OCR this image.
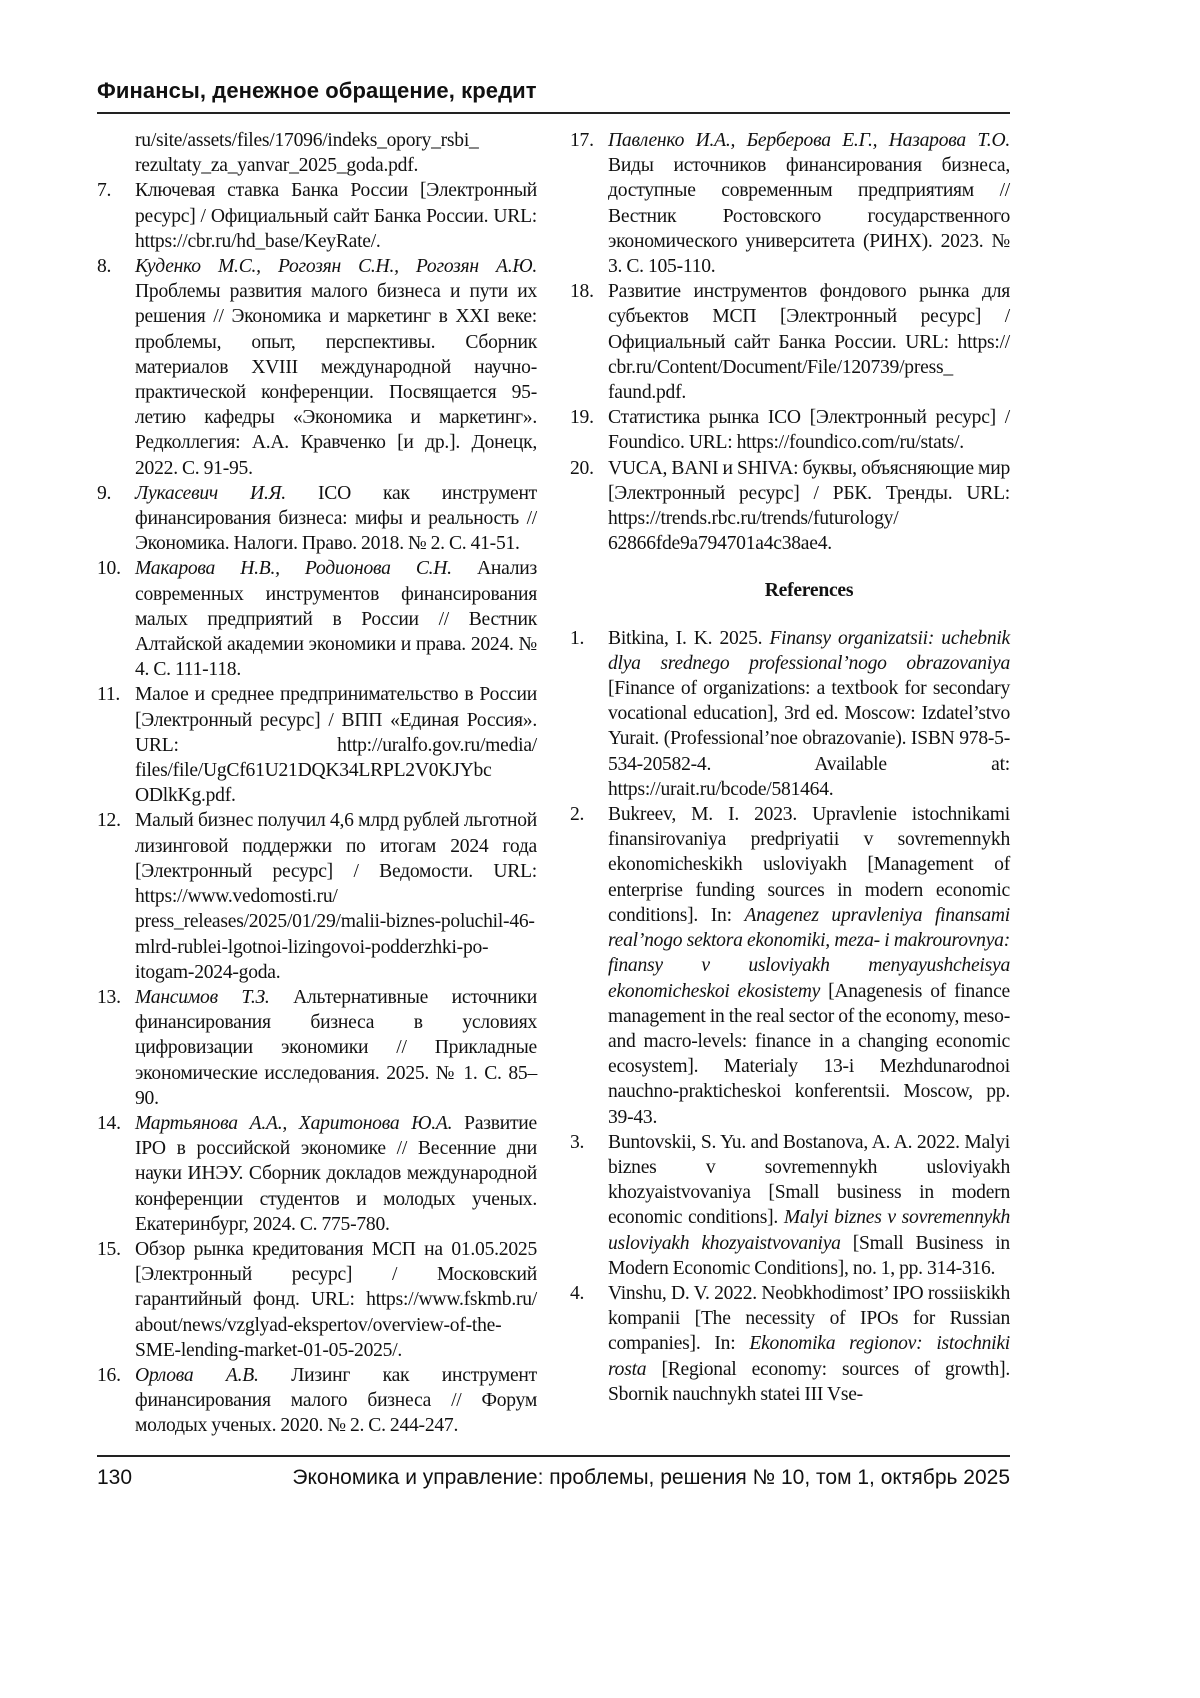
Финансы, денежное обращение, кредит
ru/site/assets/files/17096/indeks_opory_rsbi_ rezultaty_za_yanvar_2025_goda.pdf.
7. Ключевая ставка Банка России [Электронный ресурс] / Официальный сайт Банка России. URL: https://cbr.ru/hd_base/KeyRate/.
8. Куденко М.С., Рогозян С.Н., Рогозян А.Ю. Проблемы развития малого бизнеса и пути их решения // Экономика и маркетинг в XXI веке: проблемы, опыт, перспективы. Сборник материалов XVIII международной научно-практической конференции. Посвящается 95-летию кафедры «Экономика и маркетинг». Редколлегия: А.А. Кравченко [и др.]. Донецк, 2022. С. 91-95.
9. Лукасевич И.Я. ICO как инструмент финансирования бизнеса: мифы и реальность // Экономика. Налоги. Право. 2018. № 2. С. 41-51.
10. Макарова Н.В., Родионова С.Н. Анализ современных инструментов финансирования малых предприятий в России // Вестник Алтайской академии экономики и права. 2024. № 4. С. 111-118.
11. Малое и среднее предпринимательство в России [Электронный ресурс] / ВПП «Единая Россия». URL: http://uralfo.gov.ru/media/ files/file/UgCf61U21DQK34LRPL2V0KJYbc ODlkKg.pdf.
12. Малый бизнес получил 4,6 млрд рублей льготной лизинговой поддержки по итогам 2024 года [Электронный ресурс] / Ведомости. URL: https://www.vedomosti.ru/ press_releases/2025/01/29/malii-biznes-poluchil-46-mlrd-rublei-lgotnoi-lizingovoi-podderzhki-po-itogam-2024-goda.
13. Мансимов Т.З. Альтернативные источники финансирования бизнеса в условиях цифровизации экономики // Прикладные экономические исследования. 2025. № 1. С. 85–90.
14. Мартьянова А.А., Харитонова Ю.А. Развитие IPO в российской экономике // Весенние дни науки ИНЭУ. Сборник докладов международной конференции студентов и молодых ученых. Екатеринбург, 2024. С. 775-780.
15. Обзор рынка кредитования МСП на 01.05.2025 [Электронный ресурс] / Московский гарантийный фонд. URL: https://www.fskmb.ru/ about/news/vzglyad-ekspertov/overview-of-the-SME-lending-market-01-05-2025/.
16. Орлова А.В. Лизинг как инструмент финансирования малого бизнеса // Форум молодых ученых. 2020. № 2. С. 244-247.
17. Павленко И.А., Берберова Е.Г., Назарова Т.О. Виды источников финансирования бизнеса, доступные современным предприятиям // Вестник Ростовского государственного экономического университета (РИНХ). 2023. № 3. С. 105-110.
18. Развитие инструментов фондового рынка для субъектов МСП [Электронный ресурс] / Официальный сайт Банка России. URL: https:// cbr.ru/Content/Document/File/120739/press_ faund.pdf.
19. Статистика рынка ICO [Электронный ресурс] / Foundico. URL: https://foundico.com/ru/stats/.
20. VUCA, BANI и SHIVA: буквы, объясняющие мир [Электронный ресурс] / РБК. Тренды. URL: https://trends.rbc.ru/trends/futurology/ 62866fde9a794701a4c38ae4.
References
1. Bitkina, I. K. 2025. Finansy organizatsii: uchebnik dlya srednego professional’nogo obrazovaniya [Finance of organizations: a textbook for secondary vocational education], 3rd ed. Moscow: Izdatel’stvo Yurait. (Professional’noe obrazovanie). ISBN 978-5-534-20582-4. Available at: https://urait.ru/bcode/581464.
2. Bukreev, M. I. 2023. Upravlenie istochnikami finansirovaniya predpriyatii v sovremennykh ekonomicheskikh usloviyakh [Management of enterprise funding sources in modern economic conditions]. In: Anagenez upravleniya finansami real’nogo sektora ekonomiki, meza- i makrourovnya: finansy v usloviyakh menyayushcheisya ekonomicheskoi ekosistemy [Anagenesis of finance management in the real sector of the economy, meso- and macro-levels: finance in a changing economic ecosystem]. Materialy 13-i Mezhdunarodnoi nauchno-prakticheskoi konferentsii. Moscow, pp. 39-43.
3. Buntovskii, S. Yu. and Bostanova, A. A. 2022. Malyi biznes v sovremennykh usloviyakh khozyaistvovaniya [Small business in modern economic conditions]. Malyi biznes v sovremennykh usloviyakh khozyaistvovaniya [Small Business in Modern Economic Conditions], no. 1, pp. 314-316.
4. Vinshu, D. V. 2022. Neobkhodimost’ IPO rossiiskikh kompanii [The necessity of IPOs for Russian companies]. In: Ekonomika regionov: istochniki rosta [Regional economy: sources of growth]. Sbornik nauchnykh statei III Vse-
130	Экономика и управление: проблемы, решения № 10, том 1, октябрь 2025
